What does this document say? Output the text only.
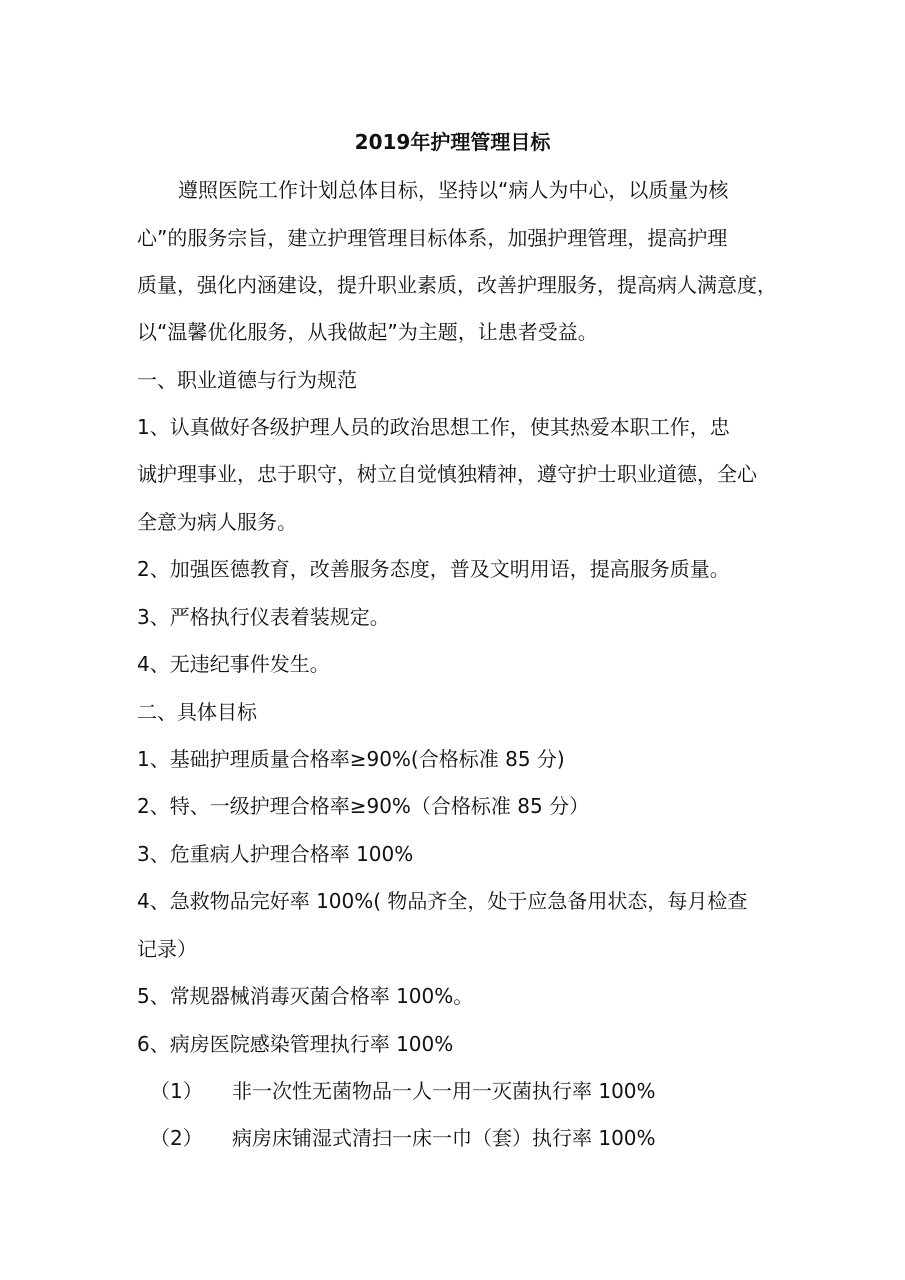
2019年护理管理目标
遵照医院工作计划总体目标，坚持以“病人为中心，以质量为核
心”的服务宗旨，建立护理管理目标体系，加强护理管理，提高护理
质量，强化内涵建设，提升职业素质，改善护理服务，提高病人满意度，
以“温馨优化服务，从我做起”为主题，让患者受益。
一、职业道德与行为规范
1、认真做好各级护理人员的政治思想工作，使其热爱本职工作，忠
诚护理事业，忠于职守，树立自觉慎独精神，遵守护士职业道德，全心
全意为病人服务。
2、加强医德教育，改善服务态度，普及文明用语，提高服务质量。
3、严格执行仪表着装规定。
4、无违纪事件发生。
二、具体目标
1、基础护理质量合格率≥90%(合格标准 85 分)
2、特、一级护理合格率≥90%（合格标准 85 分）
3、危重病人护理合格率 100%
4、急救物品完好率 100%( 物品齐全，处于应急备用状态，每月检查
记录）
5、常规器械消毒灭菌合格率 100%。
6、病房医院感染管理执行率 100%
（1） 非一次性无菌物品一人一用一灭菌执行率 100%
（2） 病房床铺湿式清扫一床一巾（套）执行率 100%
